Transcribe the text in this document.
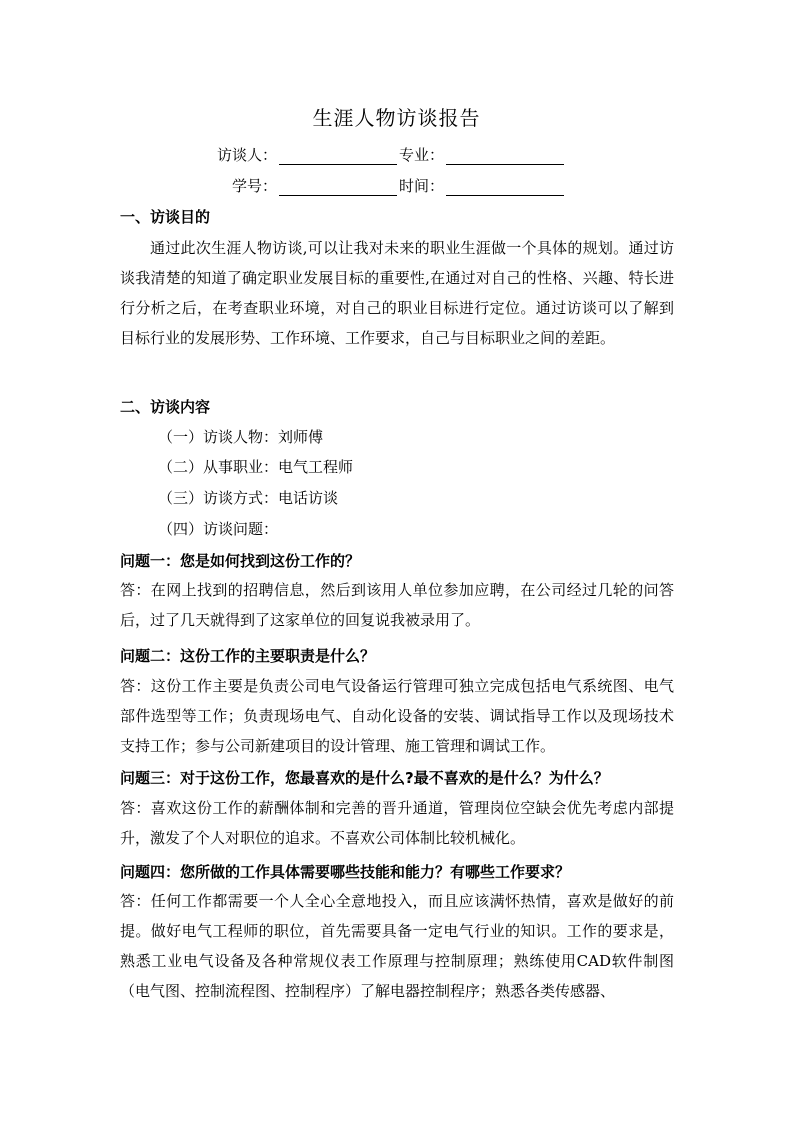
生涯人物访谈报告
访谈人：	专业：
学号：	时间：
一、访谈目的
通过此次生涯人物访谈,可以让我对未来的职业生涯做一个具体的规划。通过访谈我清楚的知道了确定职业发展目标的重要性,在通过对自己的性格、兴趣、特长进行分析之后，在考查职业环境，对自己的职业目标进行定位。通过访谈可以了解到目标行业的发展形势、工作环境、工作要求，自己与目标职业之间的差距。
二、访谈内容
（一）访谈人物：刘师傅
（二）从事职业：电气工程师
（三）访谈方式：电话访谈
（四）访谈问题：
问题一：您是如何找到这份工作的？
答：在网上找到的招聘信息，然后到该用人单位参加应聘，在公司经过几轮的问答后，过了几天就得到了这家单位的回复说我被录用了。
问题二：这份工作的主要职责是什么？
答：这份工作主要是负责公司电气设备运行管理可独立完成包括电气系统图、电气部件选型等工作；负责现场电气、自动化设备的安装、调试指导工作以及现场技术支持工作；参与公司新建项目的设计管理、施工管理和调试工作。
问题三：对于这份工作，您最喜欢的是什么?最不喜欢的是什么？为什么？
答：喜欢这份工作的薪酬体制和完善的晋升通道，管理岗位空缺会优先考虑内部提升，激发了个人对职位的追求。不喜欢公司体制比较机械化。
问题四：您所做的工作具体需要哪些技能和能力？有哪些工作要求？
答：任何工作都需要一个人全心全意地投入，而且应该满怀热情，喜欢是做好的前提。做好电气工程师的职位，首先需要具备一定电气行业的知识。工作的要求是，熟悉工业电气设备及各种常规仪表工作原理与控制原理；熟练使用CAD软件制图（电气图、控制流程图、控制程序）了解电器控制程序；熟悉各类传感器、
